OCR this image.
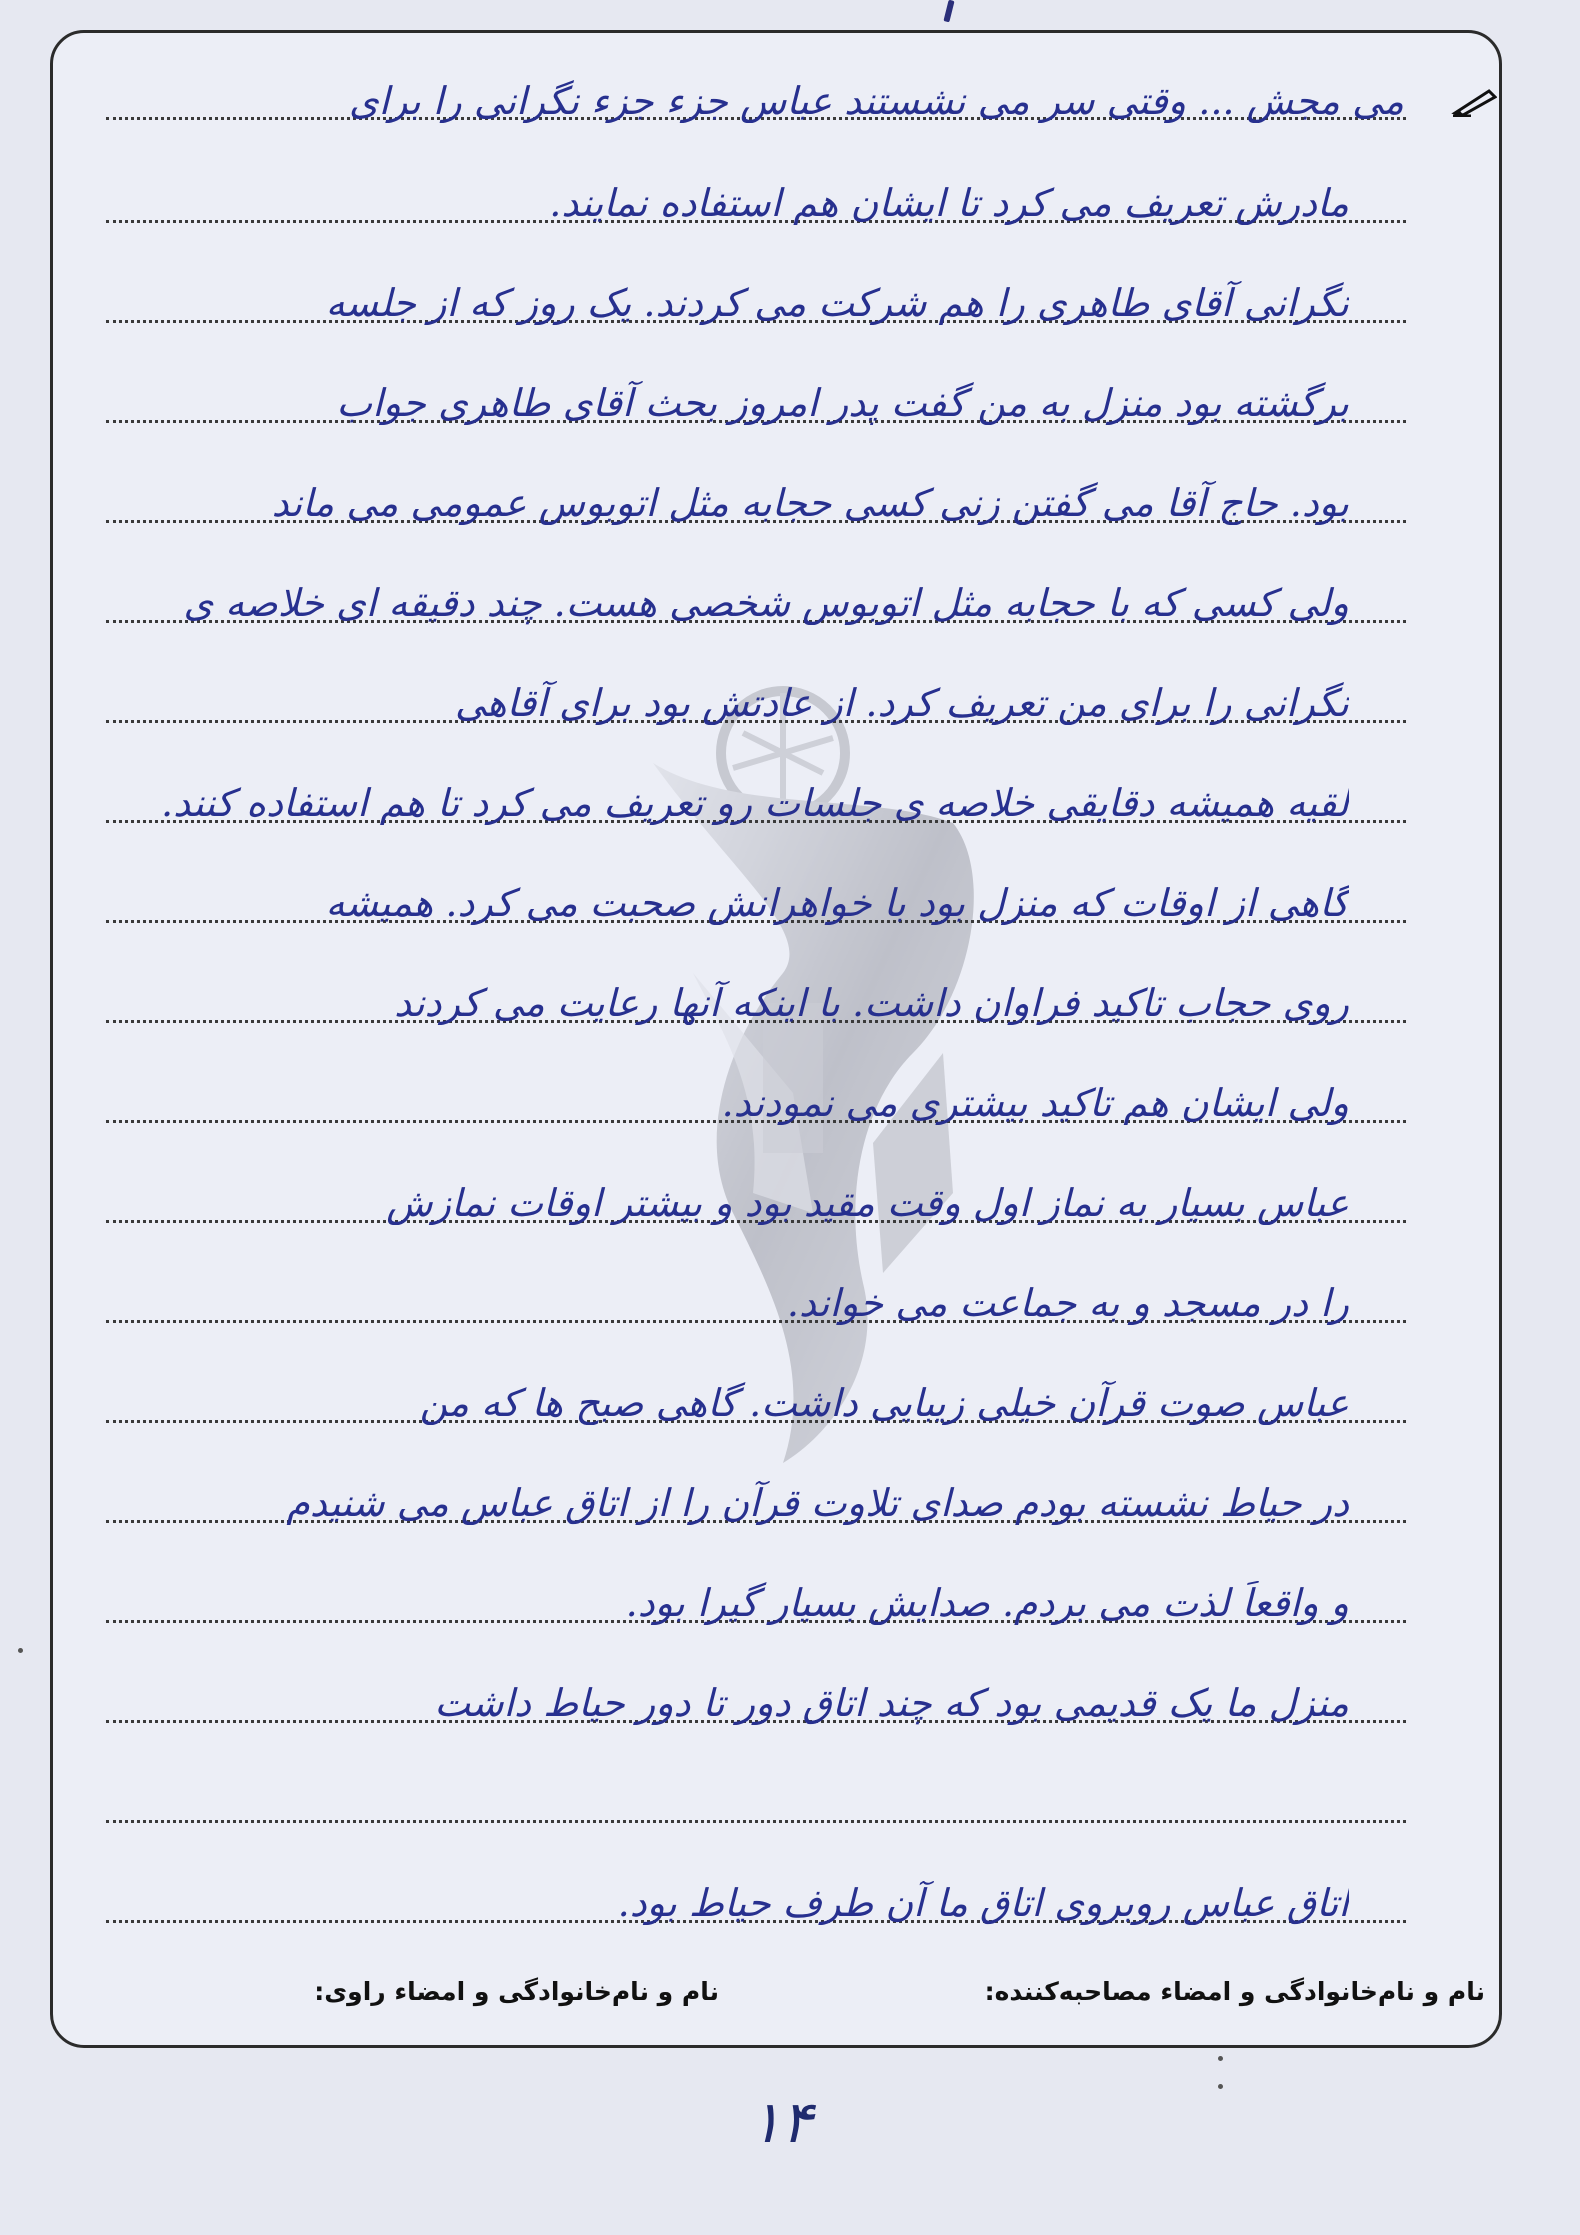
می مجش ... وقتی سر می نشستند عباس جزء جزء نگرانی را برای
مادرش تعریف می کرد تا ایشان هم استفاده نمایند.
نگرانی آقای طاهری را هم شرکت می کردند. یک روز که از جلسه
برگشته بود منزل به من گفت پدر امروز بحث آقای طاهری جواب
بود. حاج آقا می گفتن زنی کسی حجابه مثل اتوبوس عمومی می ماند
ولی کسی که با حجابه مثل اتوبوس شخصی هست. چند دقیقه ای خلاصه ی
نگرانی را برای من تعریف کرد. از عادتش بود برای آقاهی
لقیه همیشه دقایقی خلاصه ی جلسات رو تعریف می کرد تا هم استفاده کنند.
گاهی از اوقات که منزل بود با خواهرانش صحبت می کرد. همیشه
روی حجاب تاکید فراوان داشت. با اینکه آنها رعایت می کردند
ولی ایشان هم تاکید بیشتری می نمودند.
عباس بسیار به نماز اول وقت مقید بود و بیشتر اوقات نمازش
را در مسجد و به جماعت می خواند.
عباس صوت قرآن خیلی زیبایی داشت. گاهی صبح ها که من
در حیاط نشسته بودم صدای تلاوت قرآن را از اتاق عباس می شنیدم
و واقعاً لذت می بردم. صدایش بسیار گیرا بود.
منزل ما یک قدیمی بود که چند اتاق دور تا دور حیاط داشت
اتاق عباس روبروی اتاق ما آن طرف حیاط بود.
نام و نام‌خانوادگی و امضاء مصاحبه‌کننده:
نام و نام‌خانوادگی و امضاء راوی:
۱۴
